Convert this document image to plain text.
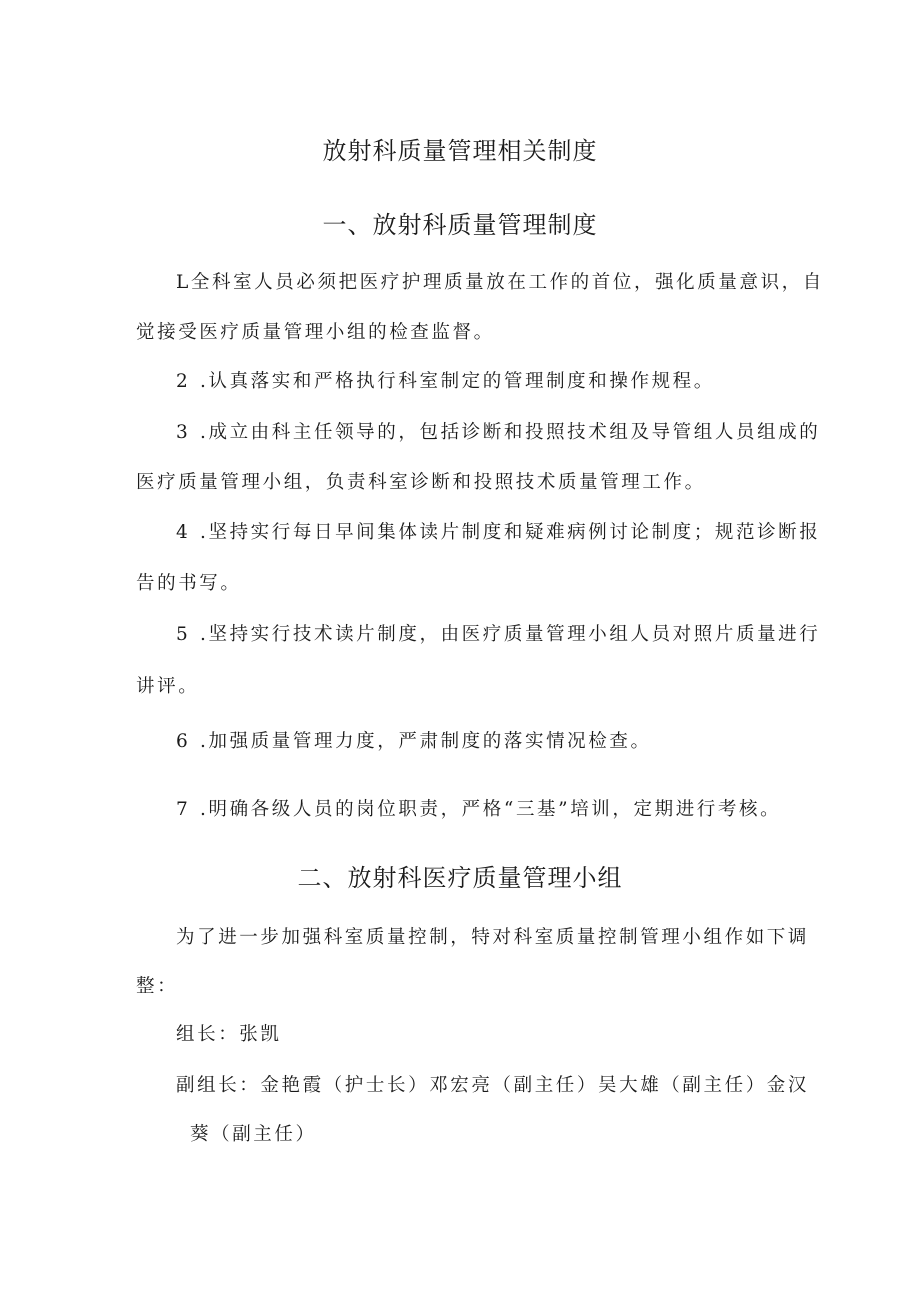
放射科质量管理相关制度
一、放射科质量管理制度
L全科室人员必须把医疗护理质量放在工作的首位，强化质量意识，自
觉接受医疗质量管理小组的检查监督。
2 .认真落实和严格执行科室制定的管理制度和操作规程。
3 .成立由科主任领导的，包括诊断和投照技术组及导管组人员组成的
医疗质量管理小组，负责科室诊断和投照技术质量管理工作。
4 .坚持实行每日早间集体读片制度和疑难病例讨论制度；规范诊断报
告的书写。
5 .坚持实行技术读片制度，由医疗质量管理小组人员对照片质量进行
讲评。
6 .加强质量管理力度，严肃制度的落实情况检查。
7 .明确各级人员的岗位职责，严格“三基”培训，定期进行考核。
二、放射科医疗质量管理小组
为了进一步加强科室质量控制，特对科室质量控制管理小组作如下调
整：
组长：张凯
副组长：金艳霞（护士长）邓宏亮（副主任）吴大雄（副主任）金汉
葵（副主任）
